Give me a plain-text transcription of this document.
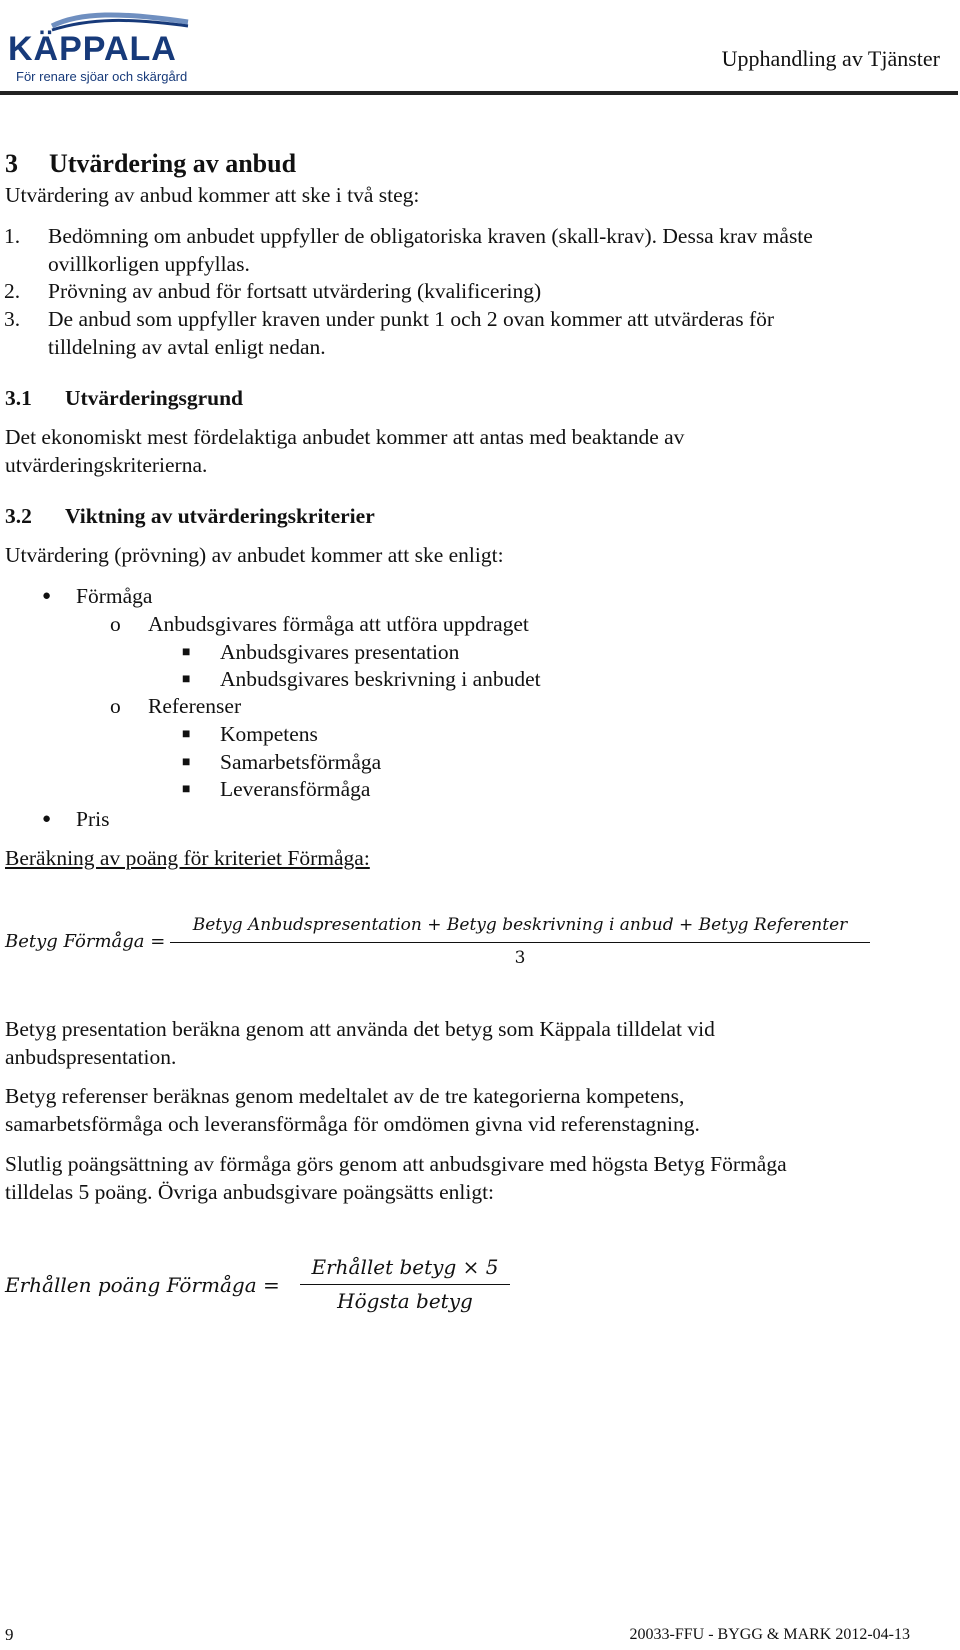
KÄPPALA
För renare sjöar och skärgård
Upphandling av Tjänster
3 Utvärdering av anbud
Utvärdering av anbud kommer att ske i två steg:
1. Bedömning om anbudet uppfyller de obligatoriska kraven (skall-krav). Dessa krav måste
ovillkorligen uppfyllas.
2. Prövning av anbud för fortsatt utvärdering (kvalificering)
3. De anbud som uppfyller kraven under punkt 1 och 2 ovan kommer att utvärderas för
tilldelning av avtal enligt nedan.
3.1 Utvärderingsgrund
Det ekonomiskt mest fördelaktiga anbudet kommer att antas med beaktande av
utvärderingskriterierna.
3.2 Viktning av utvärderingskriterier
Utvärdering (prövning) av anbudet kommer att ske enligt:
● Förmåga
o Anbudsgivares förmåga att utföra uppdraget
■ Anbudsgivares presentation
■ Anbudsgivares beskrivning i anbudet
o Referenser
■ Kompetens
■ Samarbetsförmåga
■ Leveransförmåga
● Pris
Beräkning av poäng för kriteriet Förmåga:
Betyg Förmåga =
Betyg Anbudspresentation + Betyg beskrivning i anbud + Betyg Referenter
3
Betyg presentation beräkna genom att använda det betyg som Käppala tilldelat vid
anbudspresentation.
Betyg referenser beräknas genom medeltalet av de tre kategorierna kompetens,
samarbetsförmåga och leveransförmåga för omdömen givna vid referenstagning.
Slutlig poängsättning av förmåga görs genom att anbudsgivare med högsta Betyg Förmåga
tilldelas 5 poäng. Övriga anbudsgivare poängsätts enligt:
Erhållen poäng Förmåga =
Erhållet betyg × 5
Högsta betyg
9	20033-FFU - BYGG & MARK 2012-04-13
